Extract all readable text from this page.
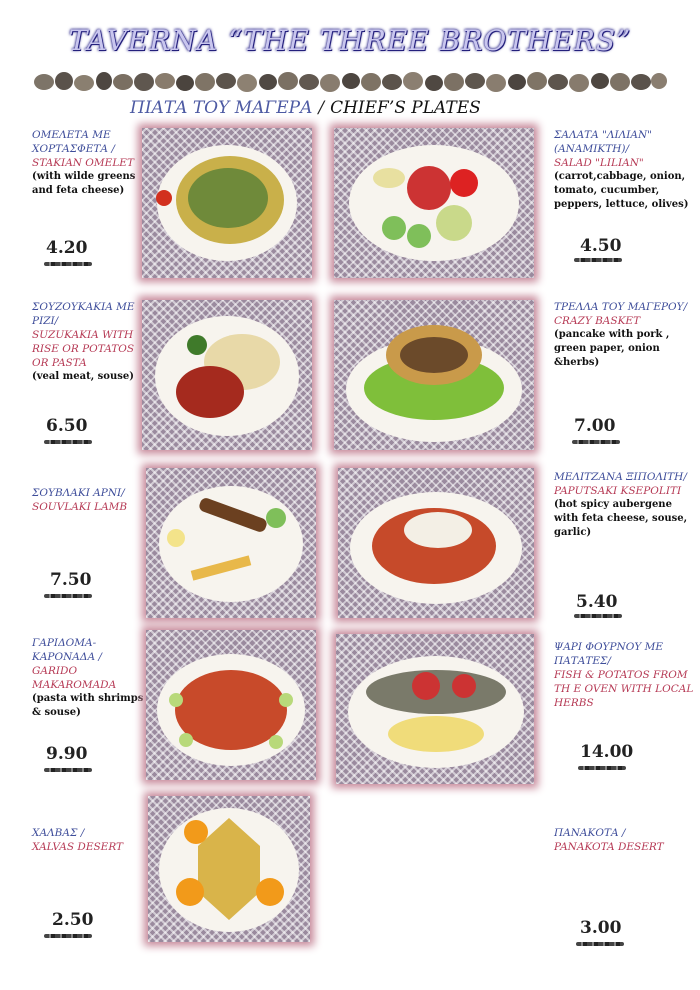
TAVERNA “THE THREE BROTHERS”
ΠΙΑΤΑ ΤΟΥ ΜΑΓΕΡΑ / CHIEF’S PLATES
ΟΜΕΛΕΤΑ ΜΕ ΧΟΡΤΑΣΦΕΤΑ /
STAKIAN OMELET
(with wilde greens and feta cheese)
4.20
ΣΑΛΑΤΑ "ΛΙΛΙΑΝ" (ΑΝΑΜΙΚΤΗ)/
SALAD "LILIAN"
(carrot,cabbage, onion, tomato, cucumber, peppers, lettuce, olives)
4.50
ΣΟΥΖΟΥΚΑΚΙΑ ΜΕ ΡΙΖΙ/
SUZUKAKIA WITH RISE OR POTATOS OR PASTA
(veal meat, souse)
6.50
ΤΡΕΛΛΑ ΤΟΥ ΜΑΓΕΡΟΥ/
CRAZY BASKET
(pancake with pork , green paper, onion &herbs)
7.00
ΣΟΥΒΛΑΚΙ ΑΡΝΙ/
SOUVLAKI LAMB
7.50
ΜΕΛΙΤΖΑΝΑ ΞΙΠΟΛΙΤΗ/
PAPUTSAKI KSEPOLITI
(hot spicy aubergene with feta cheese, souse, garlic)
5.40
ΓΑΡΙΔΟΜΑ-ΚΑΡΟΝΑΔΑ /
GARIDO MAKAROMADA
(pasta with shrimps & souse)
9.90
ΨΑΡΙ ΦΟΥΡΝΟΥ ΜΕ ΠΑΤΑΤΕΣ/
FISH & POTATOS FROM TH E OVEN WITH LOCAL HERBS
14.00
ΧΑΛΒΑΣ /
XALVAS DESERT
2.50
ΠΑΝΑΚΟΤΑ /
PANAKOTA DESERT
3.00
